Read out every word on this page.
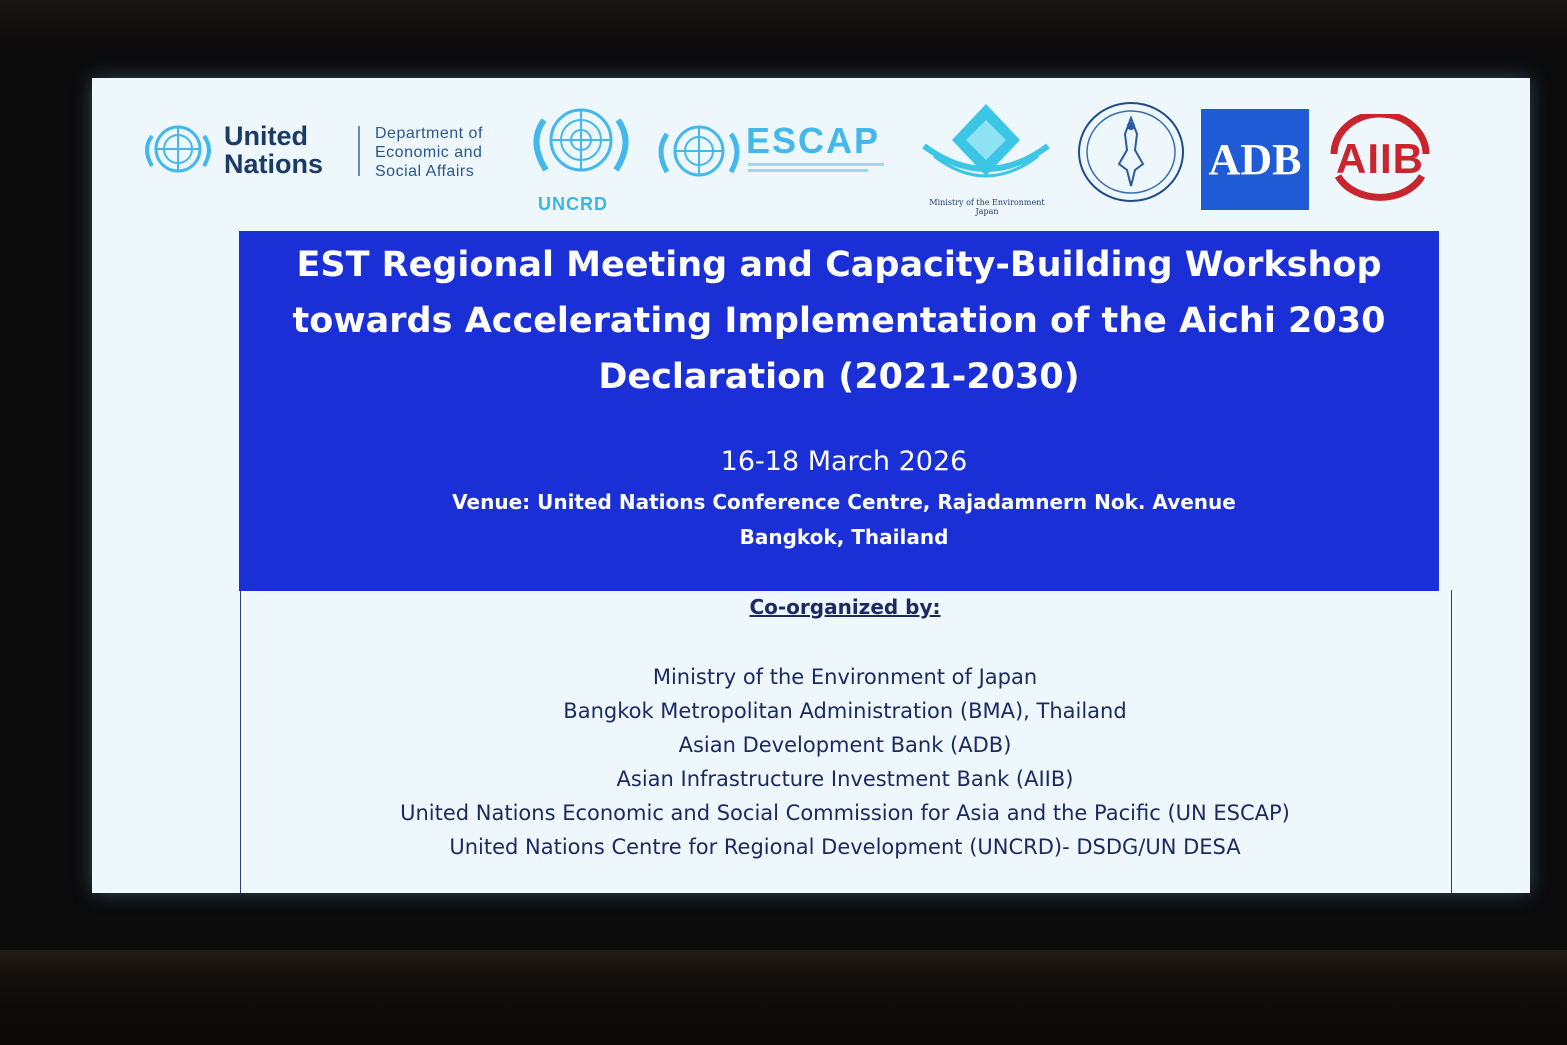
United
Nations
Department of
Economic and
Social Affairs
UNCRD
ESCAP
Ministry of the Environment
Japan
ADB AIIB
EST Regional Meeting and Capacity-Building Workshop
towards Accelerating Implementation of the Aichi 2030
Declaration (2021-2030)
16-18 March 2026
Venue: United Nations Conference Centre, Rajadamnern Nok. Avenue
Bangkok, Thailand
Co-organized by:
Ministry of the Environment of Japan
Bangkok Metropolitan Administration (BMA), Thailand
Asian Development Bank (ADB)
Asian Infrastructure Investment Bank (AIIB)
United Nations Economic and Social Commission for Asia and the Pacific (UN ESCAP)
United Nations Centre for Regional Development (UNCRD)- DSDG/UN DESA
